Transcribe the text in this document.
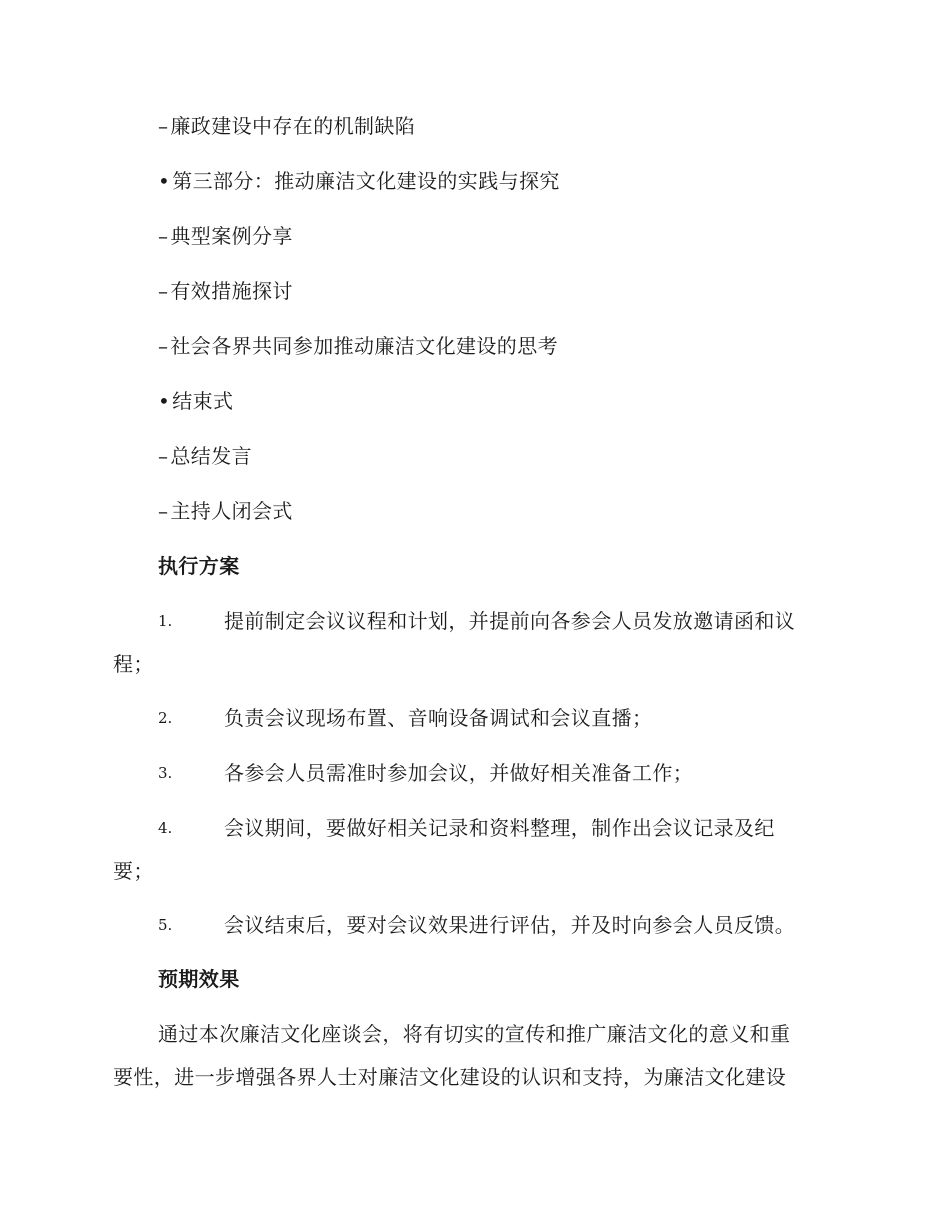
– 廉政建设中存在的机制缺陷
• 第三部分：推动廉洁文化建设的实践与探究
– 典型案例分享
– 有效措施探讨
– 社会各界共同参加推动廉洁文化建设的思考
• 结束式
– 总结发言
– 主持人闭会式
执行方案
1.	提前制定会议议程和计划，并提前向各参会人员发放邀请函和议
程；
2.	负责会议现场布置、音响设备调试和会议直播；
3.	各参会人员需准时参加会议，并做好相关准备工作；
4.	会议期间，要做好相关记录和资料整理，制作出会议记录及纪
要；
5.	会议结束后，要对会议效果进行评估，并及时向参会人员反馈。
预期效果
通过本次廉洁文化座谈会，将有切实的宣传和推广廉洁文化的意义和重
要性，进一步增强各界人士对廉洁文化建设的认识和支持，为廉洁文化建设
